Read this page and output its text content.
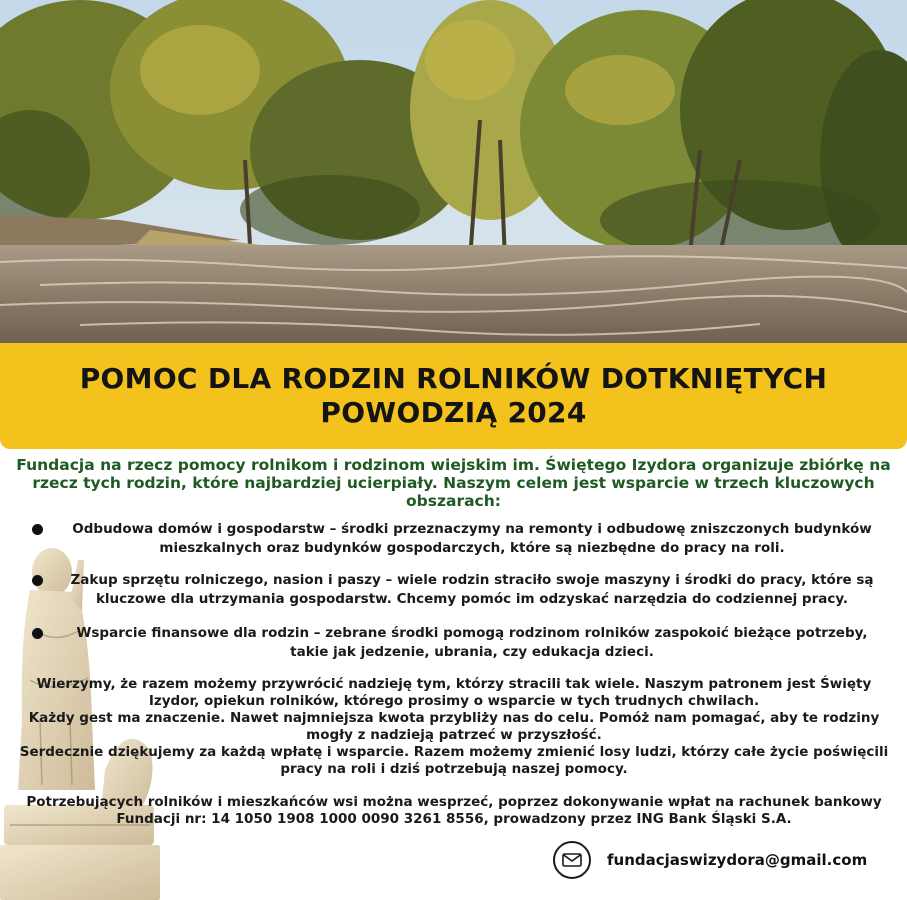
POMOC DLA RODZIN ROLNIKÓW DOTKNIĘTYCH POWODZIĄ 2024

Fundacja na rzecz pomocy rolnikom i rodzinom wiejskim im. Świętego Izydora organizuje zbiórkę na rzecz tych rodzin, które najbardziej ucierpiały. Naszym celem jest wsparcie w trzech kluczowych obszarach:

Odbudowa domów i gospodarstw – środki przeznaczymy na remonty i odbudowę zniszczonych budynków mieszkalnych oraz budynków gospodarczych, które są niezbędne do pracy na roli.
Zakup sprzętu rolniczego, nasion i paszy – wiele rodzin straciło swoje maszyny i środki do pracy, które są kluczowe dla utrzymania gospodarstw. Chcemy pomóc im odzyskać narzędzia do codziennej pracy.
Wsparcie finansowe dla rodzin – zebrane środki pomogą rodzinom rolników zaspokoić bieżące potrzeby, takie jak jedzenie, ubrania, czy edukacja dzieci.

Wierzymy, że razem możemy przywrócić nadzieję tym, którzy stracili tak wiele. Naszym patronem jest Święty Izydor, opiekun rolników, którego prosimy o wsparcie w tych trudnych chwilach.

Każdy gest ma znaczenie. Nawet najmniejsza kwota przybliży nas do celu. Pomóż nam pomagać, aby te rodziny mogły z nadzieją patrzeć w przyszłość.

Serdecznie dziękujemy za każdą wpłatę i wsparcie. Razem możemy zmienić losy ludzi, którzy całe życie poświęcili pracy na roli i dziś potrzebują naszej pomocy.

Potrzebujących rolników i mieszkańców wsi można wesprzeć, poprzez dokonywanie wpłat na rachunek bankowy Fundacji nr: 14 1050 1908 1000 0090 3261 8556, prowadzony przez ING Bank Śląski S.A.

fundacjaswizydora@gmail.com
